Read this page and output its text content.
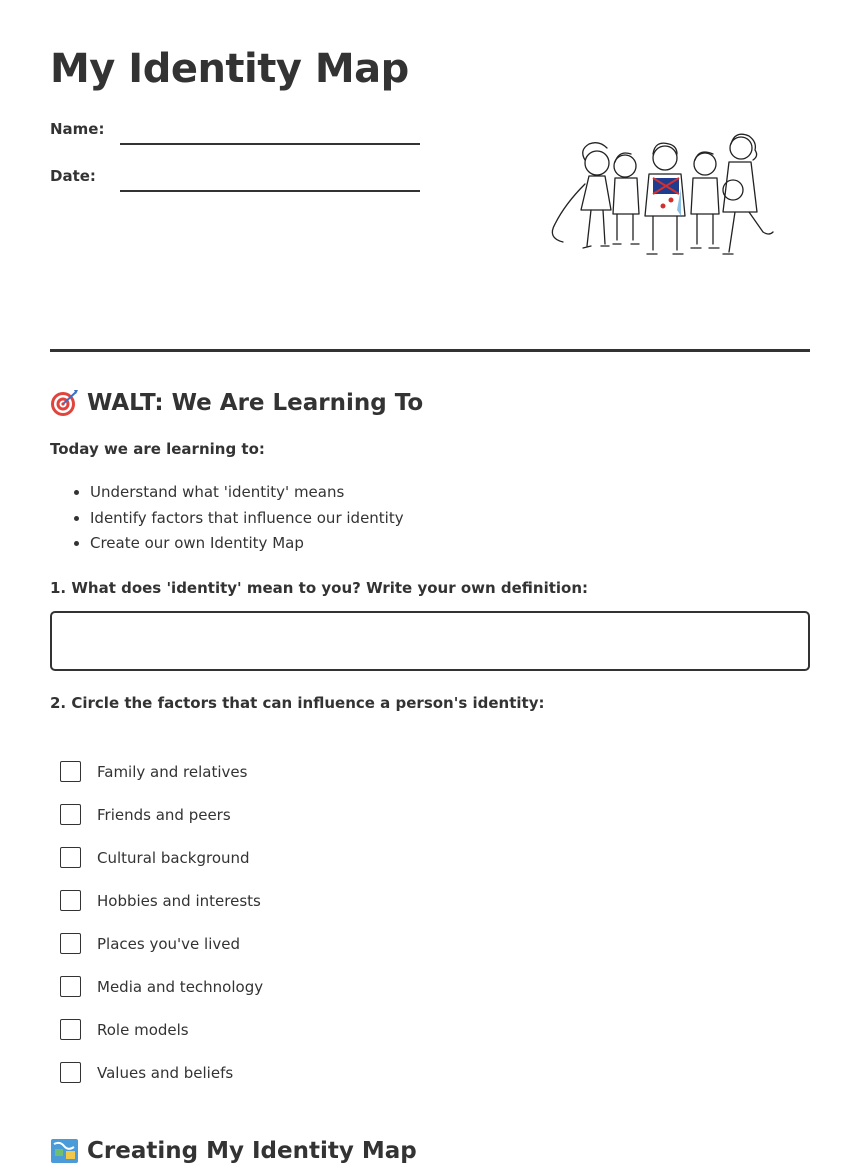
My Identity Map
Name:
Date:
WALT: We Are Learning To
Today we are learning to:
• Understand what 'identity' means
• Identify factors that influence our identity
• Create our own Identity Map
1. What does 'identity' mean to you? Write your own definition:
2. Circle the factors that can influence a person's identity:
Family and relatives
Friends and peers
Cultural background
Hobbies and interests
Places you've lived
Media and technology
Role models
Values and beliefs
Creating My Identity Map
